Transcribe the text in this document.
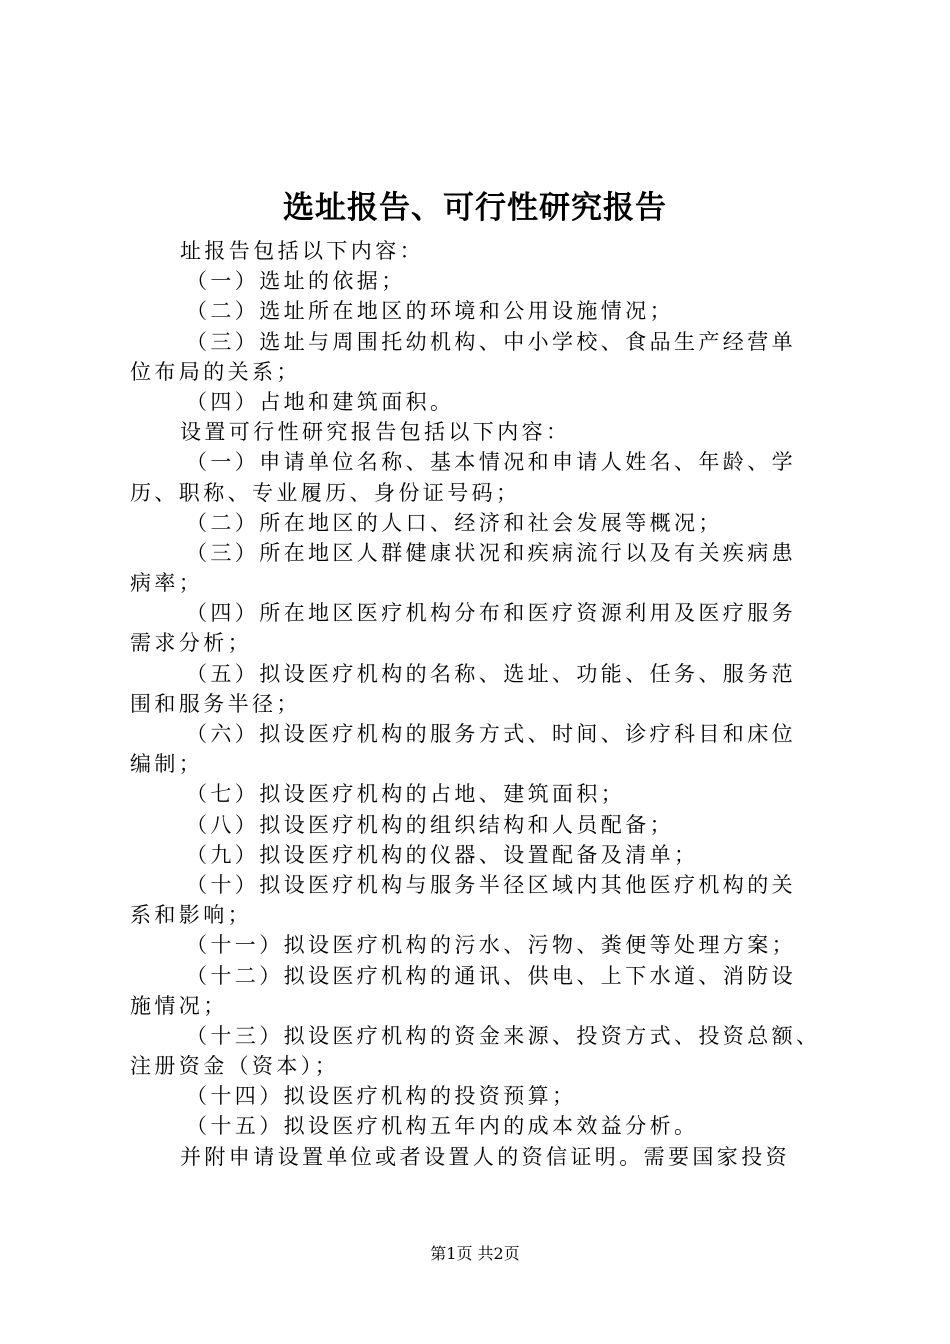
选址报告、可行性研究报告
址报告包括以下内容：
（一）选址的依据；
（二）选址所在地区的环境和公用设施情况；
（三）选址与周围托幼机构、中小学校、食品生产经营单
位布局的关系；
（四）占地和建筑面积。
设置可行性研究报告包括以下内容：
（一）申请单位名称、基本情况和申请人姓名、年龄、学
历、职称、专业履历、身份证号码；
（二）所在地区的人口、经济和社会发展等概况；
（三）所在地区人群健康状况和疾病流行以及有关疾病患
病率；
（四）所在地区医疗机构分布和医疗资源利用及医疗服务
需求分析；
（五）拟设医疗机构的名称、选址、功能、任务、服务范
围和服务半径；
（六）拟设医疗机构的服务方式、时间、诊疗科目和床位
编制；
（七）拟设医疗机构的占地、建筑面积；
（八）拟设医疗机构的组织结构和人员配备；
（九）拟设医疗机构的仪器、设置配备及清单；
（十）拟设医疗机构与服务半径区域内其他医疗机构的关
系和影响；
（十一）拟设医疗机构的污水、污物、粪便等处理方案；
（十二）拟设医疗机构的通讯、供电、上下水道、消防设
施情况；
（十三）拟设医疗机构的资金来源、投资方式、投资总额、
注册资金（资本）；
（十四）拟设医疗机构的投资预算；
（十五）拟设医疗机构五年内的成本效益分析。
并附申请设置单位或者设置人的资信证明。需要国家投资
第1页 共2页
